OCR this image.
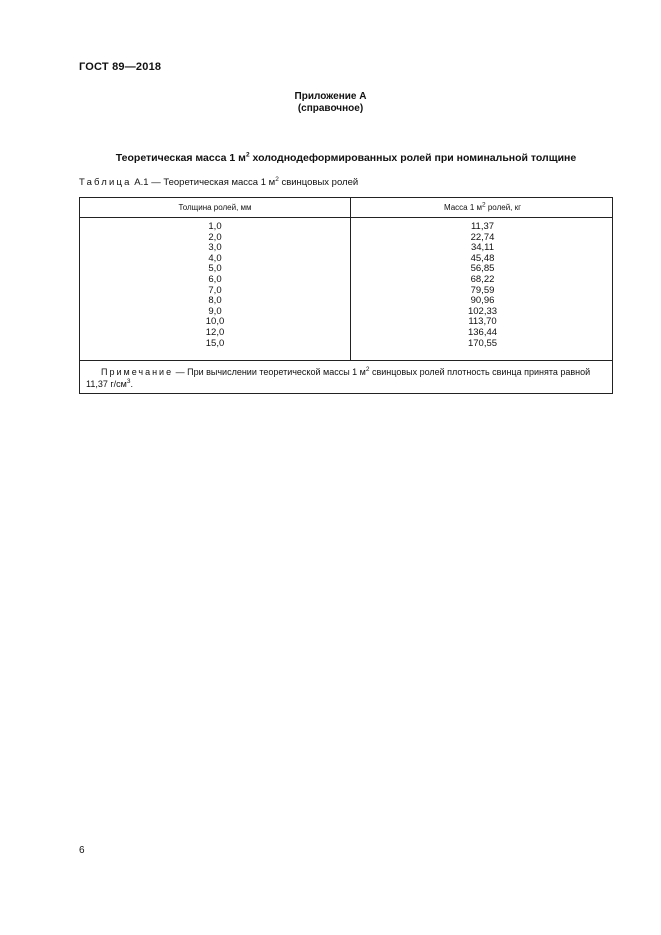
ГОСТ 89—2018
Приложение А
(справочное)
Теоретическая масса 1 $м^2$ холоднодеформированных ролей при номинальной толщине
Таблица А.1 — Теоретическая масса 1 $м^2$ свинцовых ролей
Толщина ролей, мм	Масса 1 $м^2$ ролей, кг
1,0
2,0
3,0
4,0
5,0
6,0
7,0
8,0
9,0
10,0
12,0
15,0
11,37
22,74
34,11
45,48
56,85
68,22
79,59
90,96
102,33
113,70
136,44
170,55
Примечание — При вычислении теоретической массы 1 $м^2$ свинцовых ролей плотность свинца принята равной 11,37 $г/см^3$.
6
